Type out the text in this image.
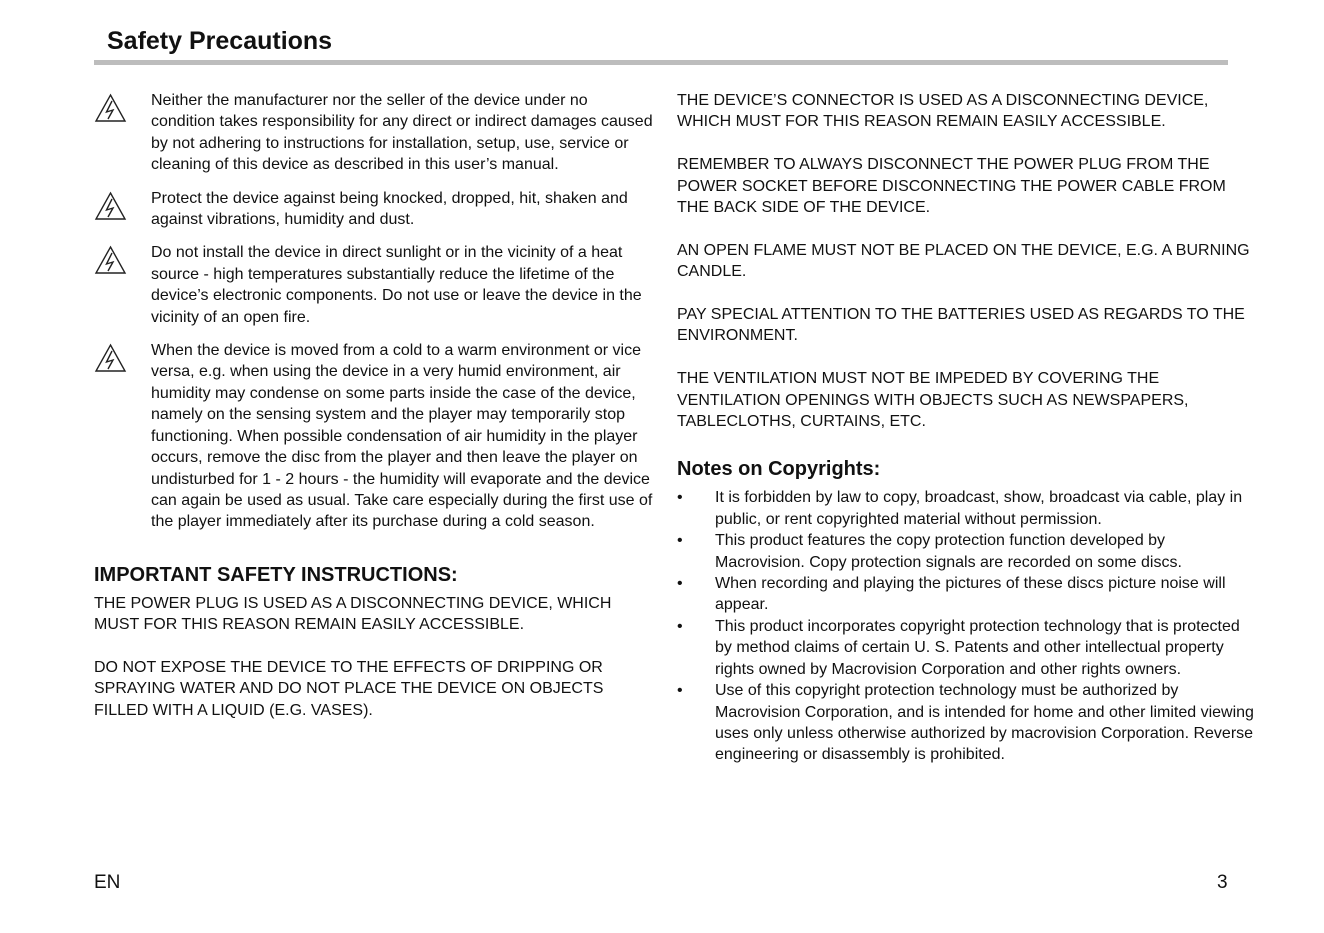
Safety Precautions
Neither the manufacturer nor the seller of the device under no condition takes responsibility for any direct or indirect damages caused by not adhering to instructions for installation, setup, use, service or cleaning of this device as described in this user’s manual.
Protect the device against being knocked, dropped, hit, shaken and against vibrations, humidity and dust.
Do not install the device in direct sunlight or in the vicinity of a heat source - high temperatures substantially reduce the lifetime of the device’s electronic components. Do not use or leave the device in the vicinity of an open fire.
When the device is moved from a cold to a warm environment or vice versa, e.g. when using the device in a very humid environment, air humidity may condense on some parts inside the case of the device, namely on the sensing system and the player may temporarily stop functioning. When possible condensation of air humidity in the player occurs, remove the disc from the player and then leave the player on undisturbed for 1 - 2 hours - the humidity will evaporate and the device can again be used as usual. Take care especially during the first use of the player immediately after its purchase during a cold season.
IMPORTANT SAFETY INSTRUCTIONS:

THE POWER PLUG IS USED AS A DISCONNECTING DEVICE, WHICH MUST FOR THIS REASON REMAIN EASILY ACCESSIBLE.

DO NOT EXPOSE THE DEVICE TO THE EFFECTS OF DRIPPING OR SPRAYING WATER AND DO NOT PLACE THE DEVICE ON OBJECTS FILLED WITH A LIQUID (E.G. VASES).

THE DEVICE’S CONNECTOR IS USED AS A DISCONNECTING DEVICE, WHICH MUST FOR THIS REASON REMAIN EASILY ACCESSIBLE.

REMEMBER TO ALWAYS DISCONNECT THE POWER PLUG FROM THE POWER SOCKET BEFORE DISCONNECTING THE POWER CABLE FROM THE BACK SIDE OF THE DEVICE.

AN OPEN FLAME MUST NOT BE PLACED ON THE DEVICE, E.G. A BURNING CANDLE.

PAY SPECIAL ATTENTION TO THE BATTERIES USED AS REGARDS TO THE ENVIRONMENT.

THE VENTILATION MUST NOT BE IMPEDED BY COVERING THE VENTILATION OPENINGS WITH OBJECTS SUCH AS NEWSPAPERS, TABLECLOTHS, CURTAINS, ETC.

Notes on Copyrights:
• It is forbidden by law to copy, broadcast, show, broadcast via cable, play in public, or rent copyrighted material without permission.
• This product features the copy protection function developed by Macrovision. Copy protection signals are recorded on some discs.
• When recording and playing the pictures of these discs picture noise will appear.
• This product incorporates copyright protection technology that is protected by method claims of certain U. S. Patents and other intellectual property rights owned by Macrovision Corporation and other rights owners.
• Use of this copyright protection technology must be authorized by Macrovision Corporation, and is intended for home and other limited viewing uses only unless otherwise authorized by macrovision Corporation. Reverse engineering or disassembly is prohibited.
EN	3
